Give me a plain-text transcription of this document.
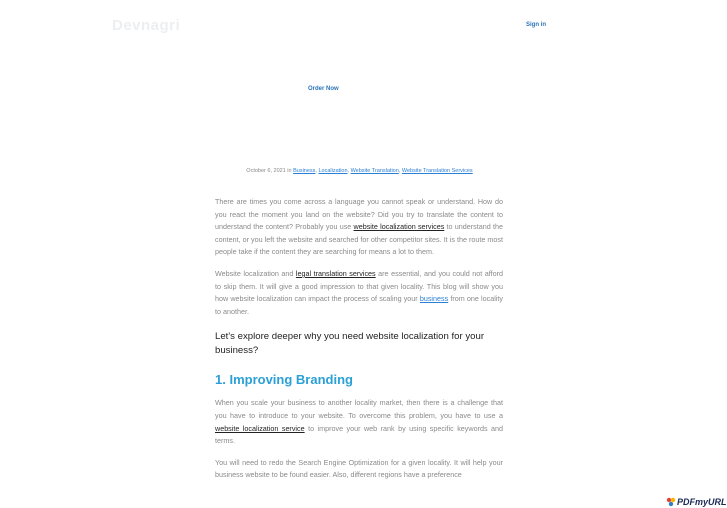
Devnagri	Sign in
Order Now
October 6, 2021 in Business, Localization, Website Translation, Website Translation Services

There are times you come across a language you cannot speak or understand. How do you react the moment you land on the website? Did you try to translate the content to understand the content? Probably you use website localization services to understand the content, or you left the website and searched for other competitor sites. It is the route most people take if the content they are searching for means a lot to them.

Website localization and legal translation services are essential, and you could not afford to skip them. It will give a good impression to that given locality. This blog will show you how website localization can impact the process of scaling your business from one locality to another.

Let's explore deeper why you need website localization for your business?

1. Improving Branding

When you scale your business to another locality market, then there is a challenge that you have to introduce to your website. To overcome this problem, you have to use a website localization service to improve your web rank by using specific keywords and terms.

You will need to redo the Search Engine Optimization for a given locality. It will help your business website to be found easier. Also, different regions have a preference

PDFmyURL
